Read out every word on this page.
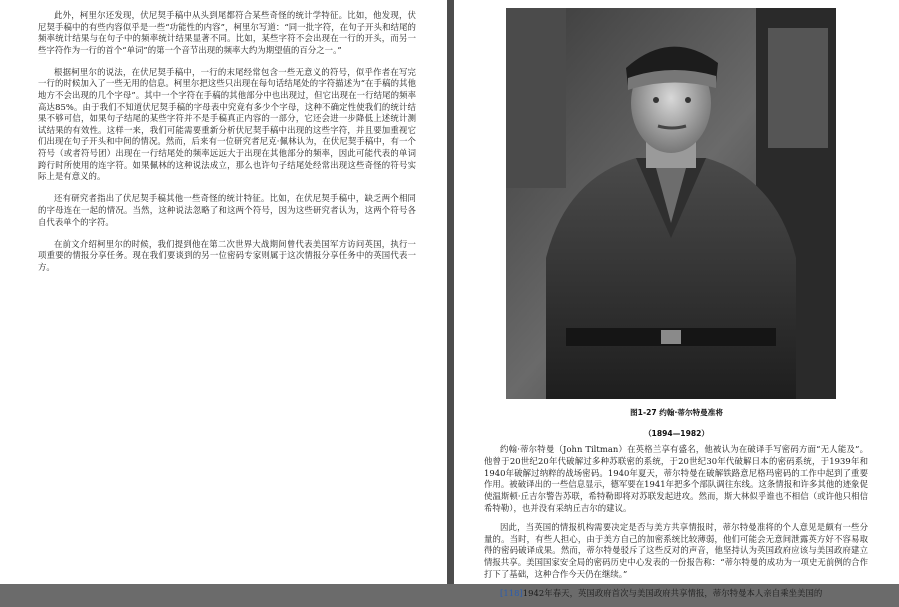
此外，柯里尔还发现，伏尼契手稿中从头到尾都符合某些奇怪的统计学特征。比如，他发现，伏尼契手稿中的有些内容似乎是一些“功能性的内容”，柯里尔写道：“同一批字符，在句子开头和结尾的频率统计结果与在句子中的频率统计结果显著不同。比如，某些字符不会出现在一行的开头，而另一些字符作为一行的首个“单词”的第一个音节出现的频率大约为期望值的百分之一。”

根据柯里尔的说法，在伏尼契手稿中，一行的末尾经常包含一些无意义的符号，似乎作者在写完一行的时候加入了一些无用的信息。柯里尔把这些只出现在每句话结尾处的字符描述为“在手稿的其他地方不会出现的几个字母”。其中一个字符在手稿的其他部分中也出现过，但它出现在一行结尾的频率高达85%。由于我们不知道伏尼契手稿的字母表中究竟有多少个字母，这种不确定性使我们的统计结果不够可信，如果句子结尾的某些字符并不是手稿真正内容的一部分，它还会进一步降低上述统计测试结果的有效性。这样一来，我们可能需要重新分析伏尼契手稿中出现的这些字符，并且要加重视它们出现在句子开头和中间的情况。然而，后来有一位研究者尼克·佩林认为，在伏尼契手稿中，有一个符号（或者符号团）出现在一行结尾处的频率远远大于出现在其他部分的频率，因此可能代表的单词跨行时所使用的连字符。如果佩林的这种说法成立，那么也许句子结尾处经常出现这些奇怪的符号实际上是有意义的。

还有研究者指出了伏尼契手稿其他一些奇怪的统计特征。比如，在伏尼契手稿中，缺乏两个相同的字母连在一起的情况。当然，这种说法忽略了和这两个符号，因为这些研究者认为，这两个符号各自代表单个的字符。

在前文介绍柯里尔的时候，我们提到他在第二次世界大战期间曾代表美国军方访问英国，执行一项重要的情报分享任务。现在我们要谈到的另一位密码专家则属于这次情报分享任务中的英国代表一方。

图1-27 约翰·蒂尔特曼准将
（1894—1982）

约翰·蒂尔特曼（John Tiltman）在英格兰享有盛名，他被认为在破译手写密码方面“无人能及”。他曾于20世纪20年代破解过多种苏联密的系统，于20世纪30年代破解日本的密码系统，于1939年和1940年破解过纳粹的战场密码。1940年夏天，蒂尔特曼在破解铁路意尼格玛密码的工作中起到了重要作用。被破译出的一些信息显示，德军要在1941年把多个部队调往东线。这条情报和许多其他的迹象促使温斯顿·丘吉尔警告苏联，希特勒即将对苏联发起进攻。然而，斯大林似乎谁也不相信（或许他只相信希特勒），也并没有采纳丘吉尔的建议。

因此，当英国的情报机构需要决定是否与美方共享情报时，蒂尔特曼准将的个人意见是颇有一些分量的。当时，有些人担心，由于美方自己的加密系统比较薄弱，他们可能会无意间泄露英方好不容易取得的密码破译成果。然而，蒂尔特曼驳斥了这些反对的声音，他坚持认为英国政府应该与美国政府建立情报共享。美国国家安全局的密码历史中心发表的一份报告称：“蒂尔特曼的成功为一项史无前例的合作打下了基础，这种合作今天仍在继续。”

[118]1942年春天，英国政府首次与美国政府共享情报，蒂尔特曼本人亲自乘坐美国的
